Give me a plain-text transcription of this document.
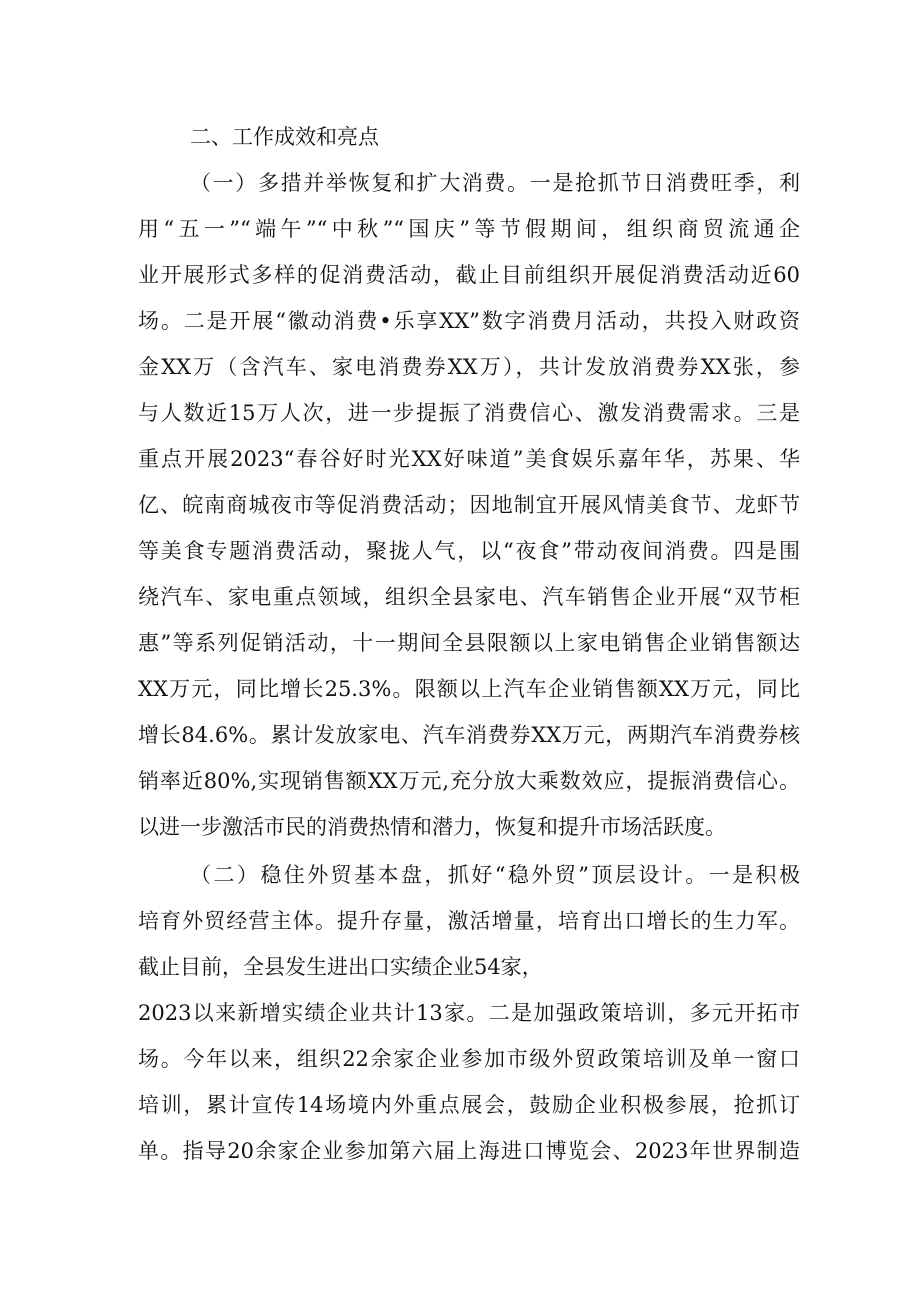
二、工作成效和亮点
（一）多措并举恢复和扩大消费。一是抢抓节日消费旺季，利
用“五一”“端午”“中秋”“国庆”等节假期间，组织商贸流通企
业开展形式多样的促消费活动，截止目前组织开展促消费活动近60
场。二是开展“徽动消费•乐享XX”数字消费月活动，共投入财政资
金XX万（含汽车、家电消费券XX万），共计发放消费券XX张，参
与人数近15万人次，进一步提振了消费信心、激发消费需求。三是
重点开展2023“春谷好时光XX好味道”美食娱乐嘉年华，苏果、华
亿、皖南商城夜市等促消费活动；因地制宜开展风情美食节、龙虾节
等美食专题消费活动，聚拢人气，以“夜食”带动夜间消费。四是围
绕汽车、家电重点领域，组织全县家电、汽车销售企业开展“双节柜
惠”等系列促销活动，十一期间全县限额以上家电销售企业销售额达
XX万元，同比增长25.3%。限额以上汽车企业销售额XX万元，同比
增长84.6%。累计发放家电、汽车消费券XX万元，两期汽车消费券核
销率近80%,实现销售额XX万元,充分放大乘数效应，提振消费信心。
以进一步激活市民的消费热情和潜力，恢复和提升市场活跃度。
（二）稳住外贸基本盘，抓好“稳外贸”顶层设计。一是积极
培育外贸经营主体。提升存量，激活增量，培育出口增长的生力军。
截止目前，全县发生进出口实绩企业54家，
2023以来新增实绩企业共计13家。二是加强政策培训，多元开拓市
场。今年以来，组织22余家企业参加市级外贸政策培训及单一窗口
培训，累计宣传14场境内外重点展会，鼓励企业积极参展，抢抓订
单。指导20余家企业参加第六届上海进口博览会、2023年世界制造
